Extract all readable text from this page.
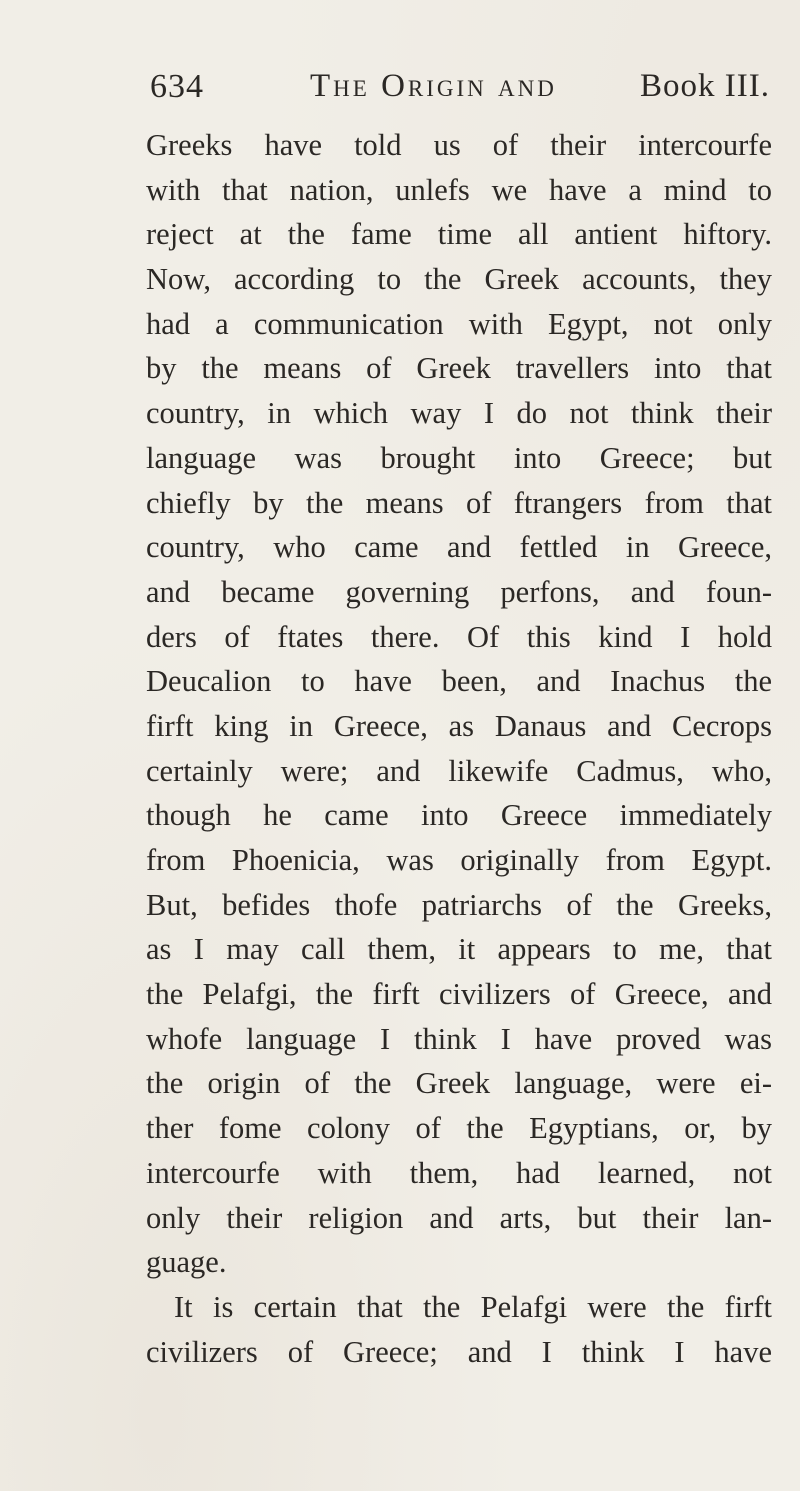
634	The Origin and	Book III.
Greeks have told us of their intercourfe
with that nation, unlefs we have a mind to
reject at the fame time all antient hiftory.
Now, according to the Greek accounts, they
had a communication with Egypt, not only
by the means of Greek travellers into that
country, in which way I do not think their
language was brought into Greece; but
chiefly by the means of ftrangers from that
country, who came and fettled in Greece,
and became governing perfons, and foun-
ders of ftates there. Of this kind I hold
Deucalion to have been, and Inachus the
firft king in Greece, as Danaus and Cecrops
certainly were; and likewife Cadmus, who,
though he came into Greece immediately
from Phoenicia, was originally from Egypt.
But, befides thofe patriarchs of the Greeks,
as I may call them, it appears to me, that
the Pelafgi, the firft civilizers of Greece, and
whofe language I think I have proved was
the origin of the Greek language, were ei-
ther fome colony of the Egyptians, or, by
intercourfe with them, had learned, not
only their religion and arts, but their lan-
guage.
It is certain that the Pelafgi were the firft
civilizers of Greece; and I think I have
